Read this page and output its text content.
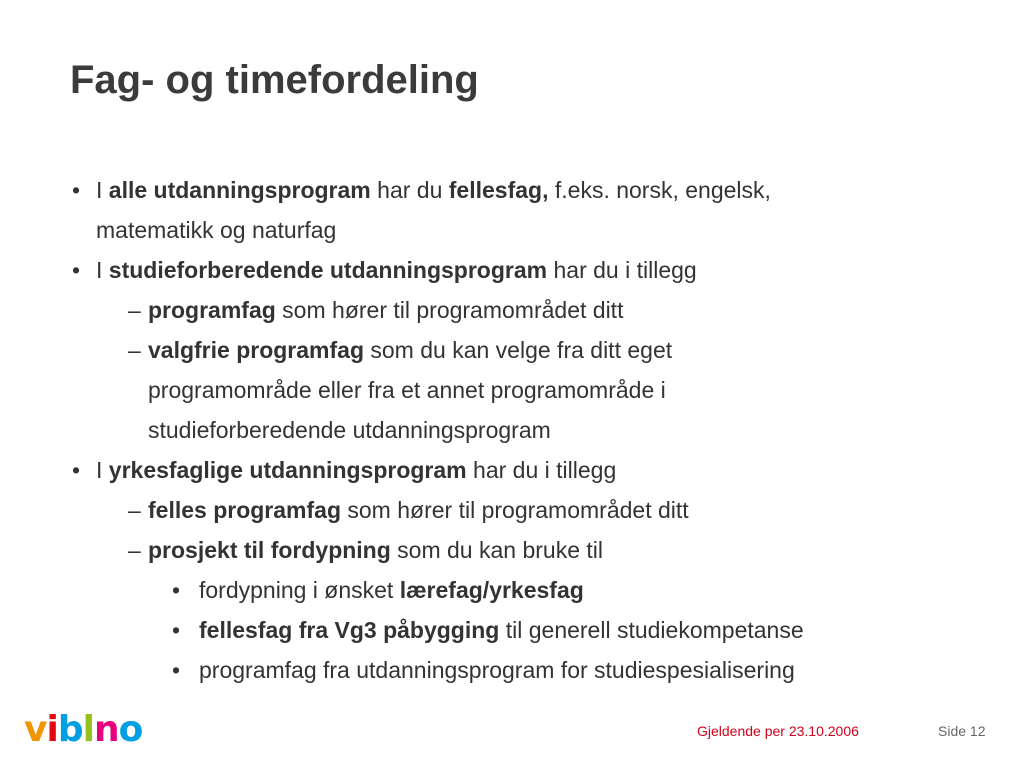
Fag- og timefordeling
• I alle utdanningsprogram har du fellesfag, f.eks. norsk, engelsk,
matematikk og naturfag
• I studieforberedende utdanningsprogram har du i tillegg
– programfag som hører til programområdet ditt
– valgfrie programfag som du kan velge fra ditt eget
programområde eller fra et annet programområde i
studieforberedende utdanningsprogram
• I yrkesfaglige utdanningsprogram har du i tillegg
– felles programfag som hører til programområdet ditt
– prosjekt til fordypning som du kan bruke til
• fordypning i ønsket lærefag/yrkesfag
• fellesfag fra Vg3 påbygging til generell studiekompetanse
• programfag fra utdanningsprogram for studiespesialisering
viblno	Gjeldende per 23.10.2006	Side 12
